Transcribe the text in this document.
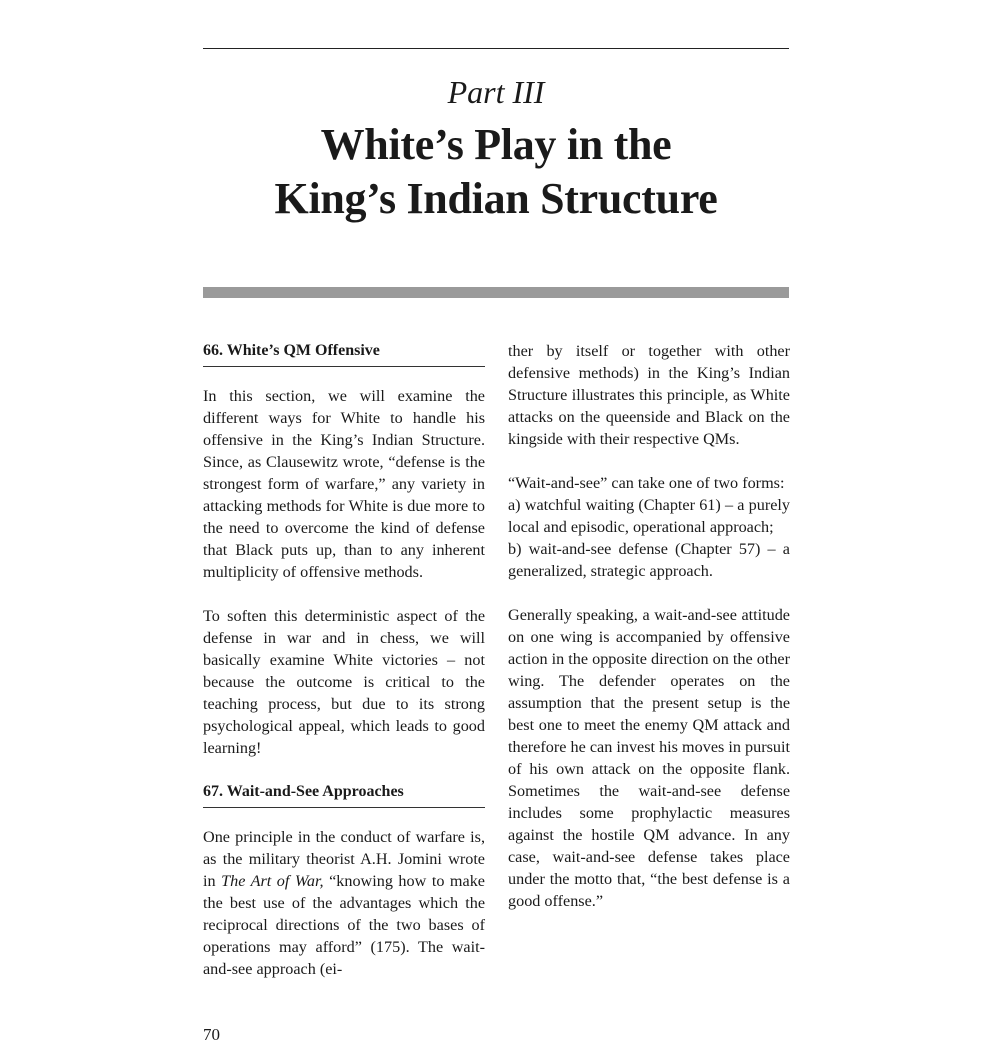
Part III
White’s Play in the
King’s Indian Structure
66. White’s QM Offensive

In this section, we will examine the different ways for White to handle his offensive in the King’s Indian Structure. Since, as Clausewitz wrote, “defense is the strongest form of warfare,” any variety in attacking methods for White is due more to the need to overcome the kind of defense that Black puts up, than to any inherent multiplicity of offensive methods.

To soften this deterministic aspect of the defense in war and in chess, we will basically examine White victories – not because the outcome is critical to the teaching process, but due to its strong psychological appeal, which leads to good learning!

67. Wait-and-See Approaches

One principle in the conduct of warfare is, as the military theorist A.H. Jomini wrote in The Art of War, “knowing how to make the best use of the advantages which the reciprocal directions of the two bases of operations may afford” (175). The wait-and-see approach (ei-

ther by itself or together with other defensive methods) in the King’s Indian Structure illustrates this principle, as White attacks on the queenside and Black on the kingside with their respective QMs.

“Wait-and-see” can take one of two forms:

a) watchful waiting (Chapter 61) – a purely local and episodic, operational approach;

b) wait-and-see defense (Chapter 57) – a generalized, strategic approach.

Generally speaking, a wait-and-see attitude on one wing is accompanied by offensive action in the opposite direction on the other wing. The defender operates on the assumption that the present setup is the best one to meet the enemy QM attack and therefore he can invest his moves in pursuit of his own attack on the opposite flank. Sometimes the wait-and-see defense includes some prophylactic measures against the hostile QM advance. In any case, wait-and-see defense takes place under the motto that, “the best defense is a good offense.”

70
